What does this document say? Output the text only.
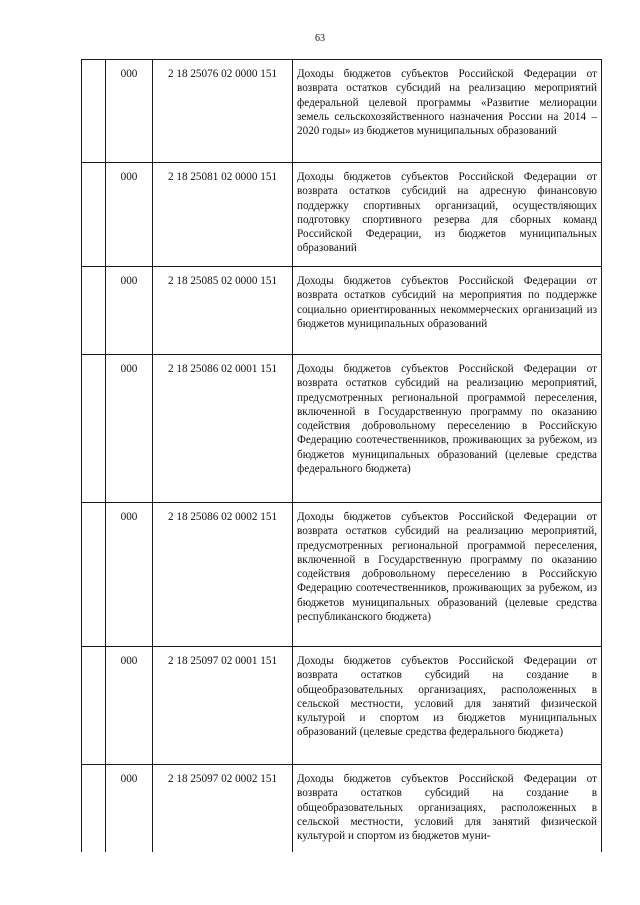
63
	000	2 18 25076 02 0000 151	Доходы бюджетов субъектов Российской Федерации от возврата остатков субсидий на реализацию мероприятий федеральной целевой программы «Развитие мелиорации земель сельскохозяйственного назначения России на 2014 – 2020 годы» из бюджетов муниципальных образований
	000	2 18 25081 02 0000 151	Доходы бюджетов субъектов Российской Федерации от возврата остатков субсидий на адресную финансовую поддержку спортивных организаций, осуществляющих подготовку спортивного резерва для сборных команд Российской Федерации, из бюджетов муниципальных образований
	000	2 18 25085 02 0000 151	Доходы бюджетов субъектов Российской Федерации от возврата остатков субсидий на мероприятия по поддержке социально ориентированных некоммерческих организаций из бюджетов муниципальных образований
	000	2 18 25086 02 0001 151	Доходы бюджетов субъектов Российской Федерации от возврата остатков субсидий на реализацию мероприятий, предусмотренных региональной программой переселения, включенной в Государственную программу по оказанию содействия добровольному переселению в Российскую Федерацию соотечественников, проживающих за рубежом, из бюджетов муниципальных образований (целевые средства федерального бюджета)
	000	2 18 25086 02 0002 151	Доходы бюджетов субъектов Российской Федерации от возврата остатков субсидий на реализацию мероприятий, предусмотренных региональной программой переселения, включенной в Государственную программу по оказанию содействия добровольному переселению в Российскую Федерацию соотечественников, проживающих за рубежом, из бюджетов муниципальных образований (целевые средства республиканского бюджета)
	000	2 18 25097 02 0001 151	Доходы бюджетов субъектов Российской Федерации от возврата остатков субсидий на создание в общеобразовательных организациях, расположенных в сельской местности, условий для занятий физической культурой и спортом из бюджетов муниципальных образований (целевые средства федерального бюджета)
	000	2 18 25097 02 0002 151	Доходы бюджетов субъектов Российской Федерации от возврата остатков субсидий на создание в общеобразовательных организациях, расположенных в сельской местности, условий для занятий физической культурой и спортом из бюджетов муни-
